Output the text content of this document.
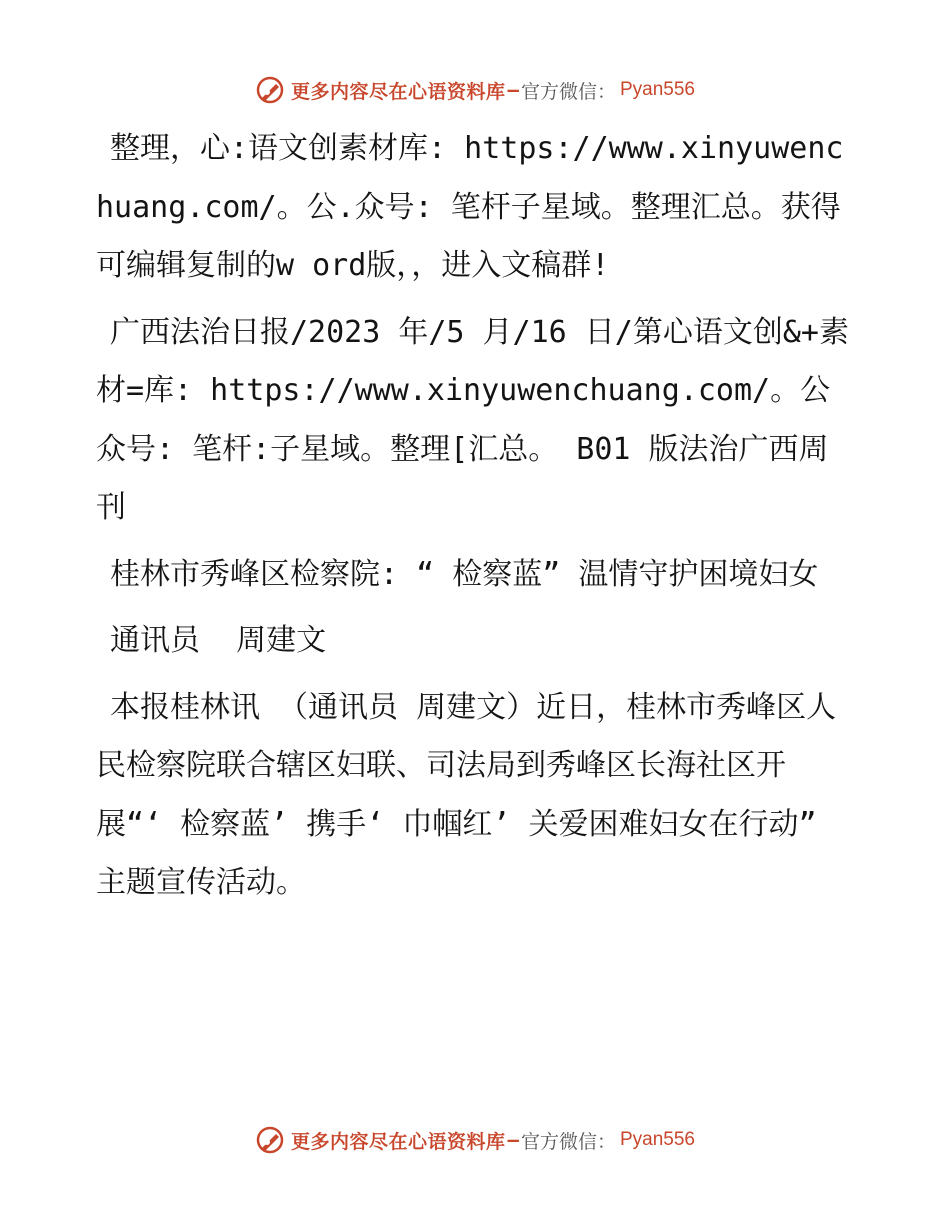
更多内容尽在心语资料库 — 官方微信： Pyan556

整理，心:语文创素材库: https://www.xinyuwenchuang.com/。公.众号: 笔杆子星域。整理汇总。获得可编辑复制的w ord版，，进入文稿群!

广西法治日报/2023 年/5 月/16 日/第心语文创&+素材=库: https://www.xinyuwenchuang.com/。公众号: 笔杆:子星域。整理[汇总。 B01 版法治广西周刊

桂林市秀峰区检察院: “ 检察蓝” 温情守护困境妇女

通讯员  周建文

本报桂林讯 （通讯员 周建文）近日，桂林市秀峰区人民检察院联合辖区妇联、司法局到秀峰区长海社区开展“‘ 检察蓝’ 携手‘ 巾帼红’ 关爱困难妇女在行动” 主题宣传活动。

更多内容尽在心语资料库 — 官方微信： Pyan556
